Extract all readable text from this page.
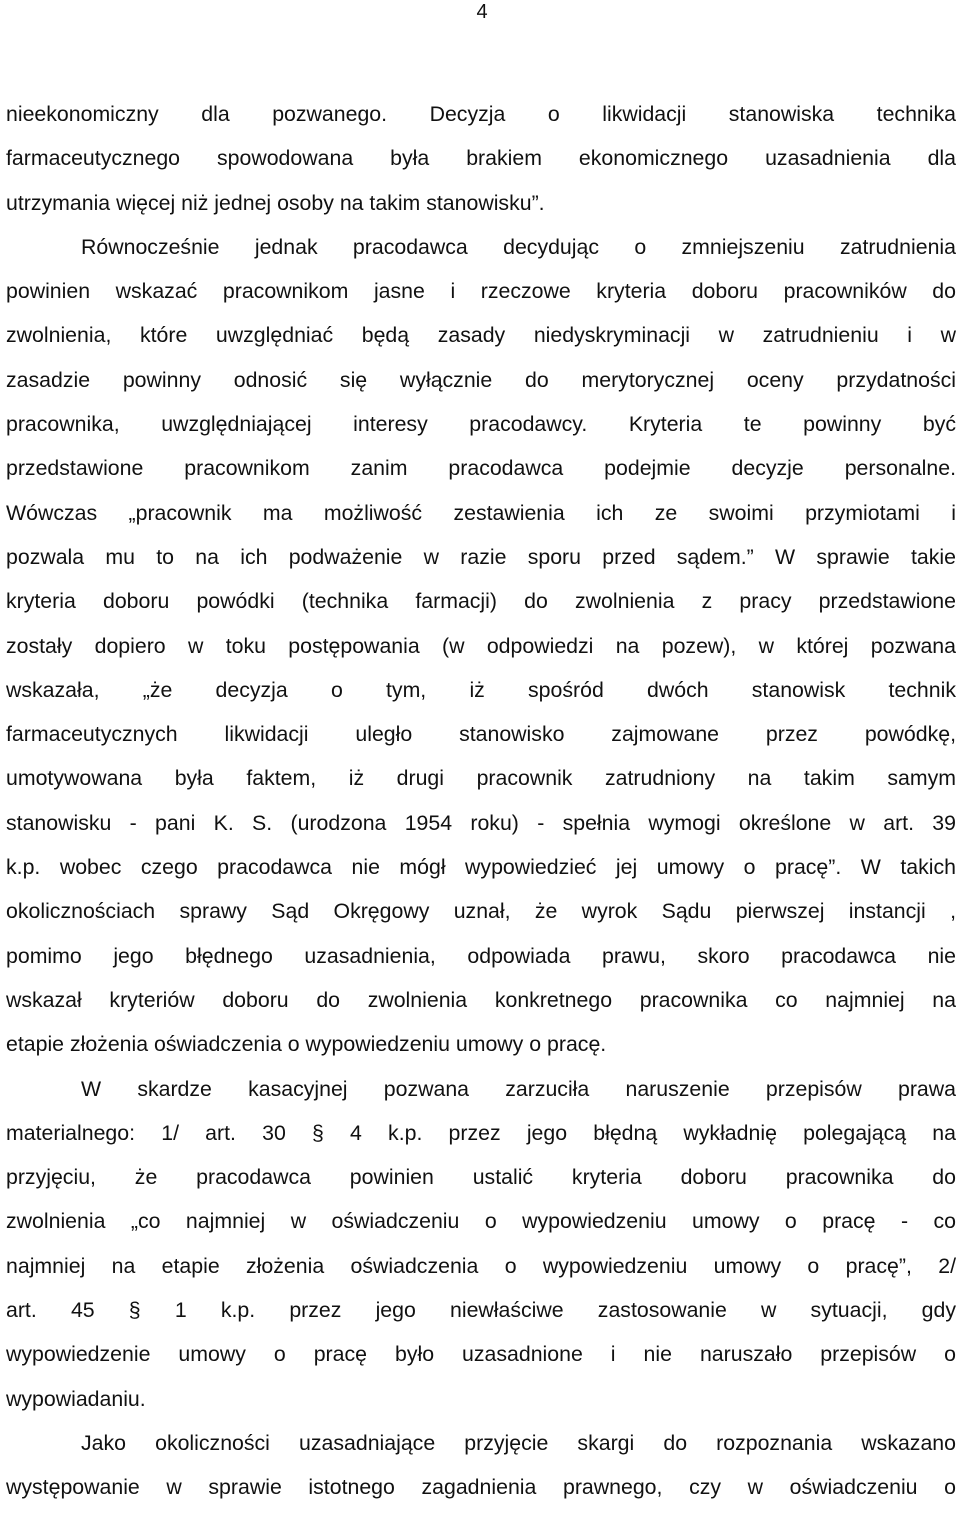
4
nieekonomiczny dla pozwanego. Decyzja o likwidacji stanowiska technika
farmaceutycznego spowodowana była brakiem ekonomicznego uzasadnienia dla
utrzymania więcej niż jednej osoby na takim stanowisku”.
Równocześnie jednak pracodawca decydując o zmniejszeniu zatrudnienia
powinien wskazać pracownikom jasne i rzeczowe kryteria doboru pracowników do
zwolnienia, które uwzględniać będą zasady niedyskryminacji w zatrudnieniu i w
zasadzie powinny odnosić się wyłącznie do merytorycznej oceny przydatności
pracownika, uwzględniającej interesy pracodawcy. Kryteria te powinny być
przedstawione pracownikom zanim pracodawca podejmie decyzje personalne.
Wówczas „pracownik ma możliwość zestawienia ich ze swoimi przymiotami i
pozwala mu to na ich podważenie w razie sporu przed sądem.” W sprawie takie
kryteria doboru powódki (technika farmacji) do zwolnienia z pracy przedstawione
zostały dopiero w toku postępowania (w odpowiedzi na pozew), w której pozwana
wskazała, „że decyzja o tym, iż spośród dwóch stanowisk technik
farmaceutycznych likwidacji uległo stanowisko zajmowane przez powódkę,
umotywowana była faktem, iż drugi pracownik zatrudniony na takim samym
stanowisku - pani K. S. (urodzona 1954 roku) - spełnia wymogi określone w art. 39
k.p. wobec czego pracodawca nie mógł wypowiedzieć jej umowy o pracę”. W takich
okolicznościach sprawy Sąd Okręgowy uznał, że wyrok Sądu pierwszej instancji ,
pomimo jego błędnego uzasadnienia, odpowiada prawu, skoro pracodawca nie
wskazał kryteriów doboru do zwolnienia konkretnego pracownika co najmniej na
etapie złożenia oświadczenia o wypowiedzeniu umowy o pracę.
W skardze kasacyjnej pozwana zarzuciła naruszenie przepisów prawa
materialnego: 1/ art. 30 § 4 k.p. przez jego błędną wykładnię polegającą na
przyjęciu, że pracodawca powinien ustalić kryteria doboru pracownika do
zwolnienia „co najmniej w oświadczeniu o wypowiedzeniu umowy o pracę - co
najmniej na etapie złożenia oświadczenia o wypowiedzeniu umowy o pracę”, 2/
art. 45 § 1 k.p. przez jego niewłaściwe zastosowanie w sytuacji, gdy
wypowiedzenie umowy o pracę było uzasadnione i nie naruszało przepisów o
wypowiadaniu.
Jako okoliczności uzasadniające przyjęcie skargi do rozpoznania wskazano
występowanie w sprawie istotnego zagadnienia prawnego, czy w oświadczeniu o
